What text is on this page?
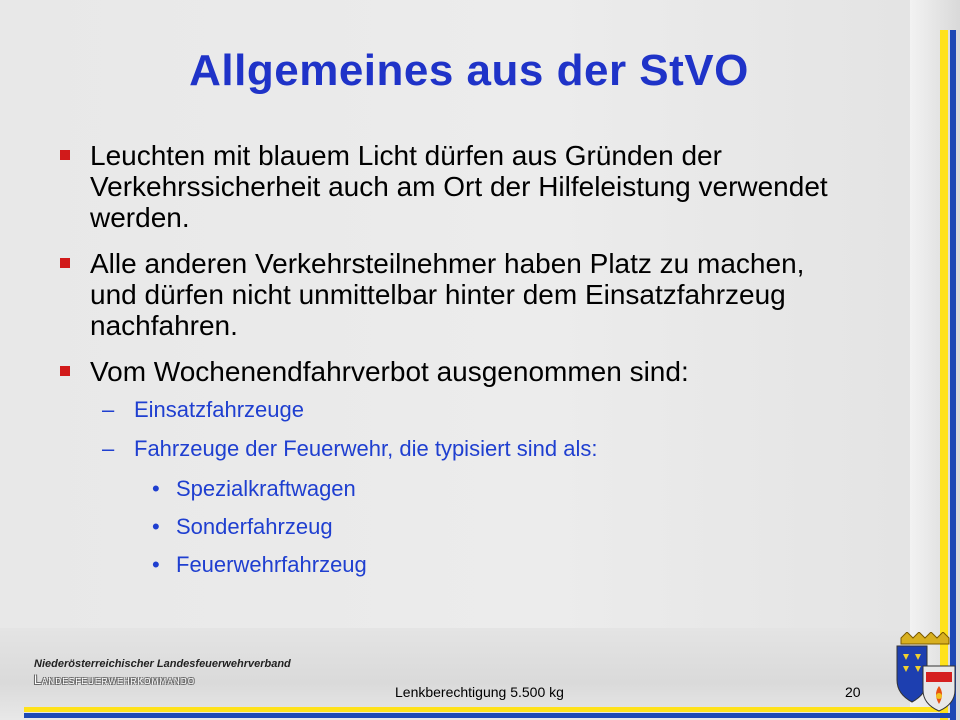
Allgemeines aus der StVO
Leuchten mit blauem Licht dürfen aus Gründen der Verkehrssicherheit auch am Ort der Hilfeleistung verwendet werden.
Alle anderen Verkehrsteilnehmer haben Platz zu machen, und dürfen nicht unmittelbar hinter dem Einsatzfahrzeug nachfahren.
Vom Wochenendfahrverbot ausgenommen sind:
– Einsatzfahrzeuge
– Fahrzeuge der Feuerwehr, die typisiert sind als:
• Spezialkraftwagen
• Sonderfahrzeug
• Feuerwehrfahrzeug
Niederösterreichischer Landesfeuerwehrverband
Landesfeuerwehrkommando
Lenkberechtigung 5.500 kg	20
